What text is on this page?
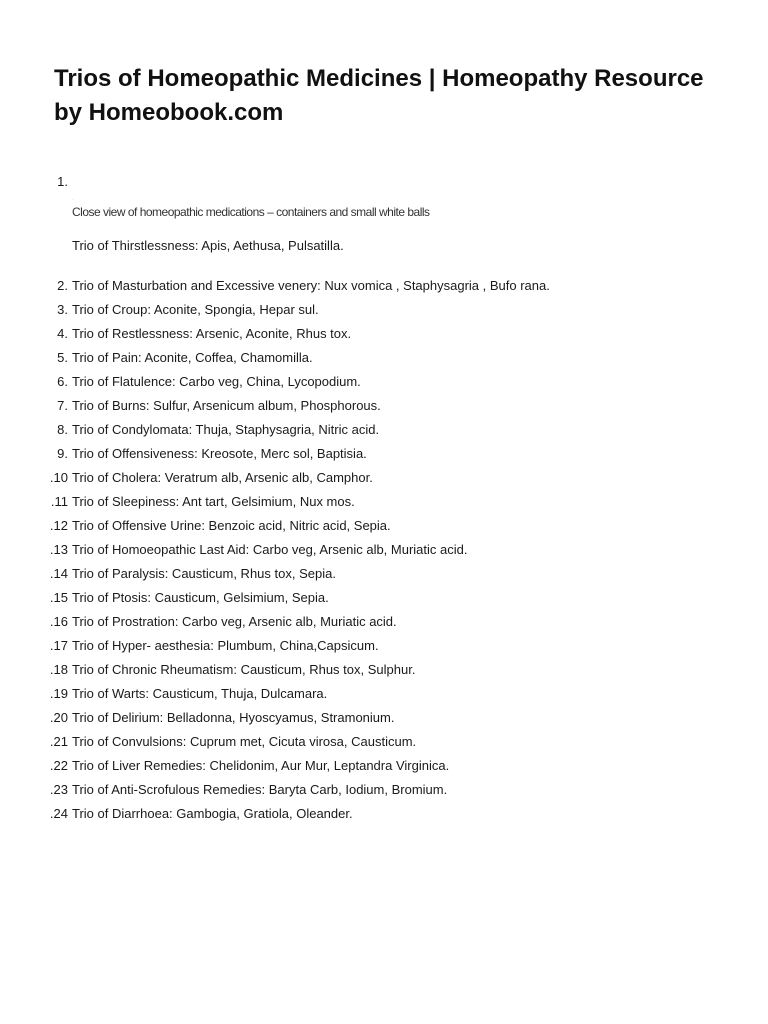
Trios of Homeopathic Medicines | Homeopathy Resource by Homeobook.com
1.
·
Close view of homeopathic medications – containers and small white balls
Trio of Thirstlessness: Apis, Aethusa, Pulsatilla.
2. Trio of Masturbation and Excessive venery: Nux vomica , Staphysagria , Bufo rana.
3. Trio of Croup: Aconite, Spongia, Hepar sul.
4. Trio of Restlessness: Arsenic, Aconite, Rhus tox.
5. Trio of Pain: Aconite, Coffea, Chamomilla.
6. Trio of Flatulence: Carbo veg, China, Lycopodium.
7. Trio of Burns: Sulfur, Arsenicum album, Phosphorous.
8. Trio of Condylomata: Thuja, Staphysagria, Nitric acid.
9. Trio of Offensiveness: Kreosote, Merc sol, Baptisia.
10. Trio of Cholera: Veratrum alb, Arsenic alb, Camphor.
11. Trio of Sleepiness: Ant tart, Gelsimium, Nux mos.
12. Trio of Offensive Urine: Benzoic acid, Nitric acid, Sepia.
13. Trio of Homoeopathic Last Aid: Carbo veg, Arsenic alb, Muriatic acid.
14. Trio of Paralysis: Causticum, Rhus tox, Sepia.
15. Trio of Ptosis: Causticum, Gelsimium, Sepia.
16. Trio of Prostration: Carbo veg, Arsenic alb, Muriatic acid.
17. Trio of Hyper- aesthesia: Plumbum, China,Capsicum.
18. Trio of Chronic Rheumatism: Causticum, Rhus tox, Sulphur.
19. Trio of Warts: Causticum, Thuja, Dulcamara.
20. Trio of Delirium: Belladonna, Hyoscyamus, Stramonium.
21. Trio of Convulsions: Cuprum met, Cicuta virosa, Causticum.
22. Trio of Liver Remedies: Chelidonim, Aur Mur, Leptandra Virginica.
23. Trio of Anti-Scrofulous Remedies: Baryta Carb, Iodium, Bromium.
24. Trio of Diarrhoea: Gambogia, Gratiola, Oleander.
